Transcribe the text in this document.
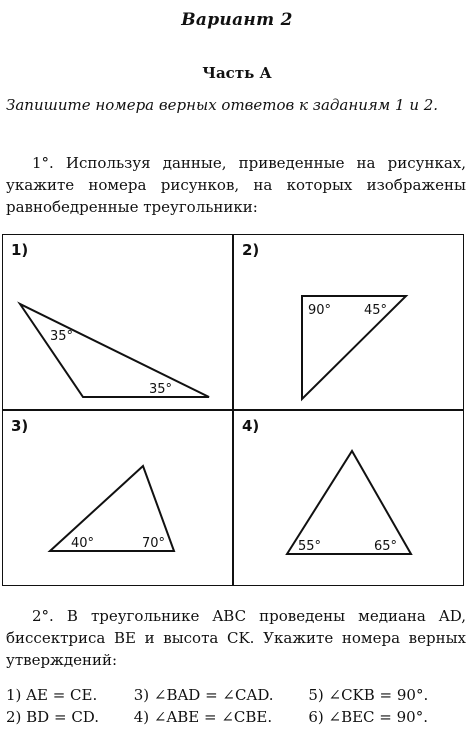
Вариант 2
Часть А
Запишите номера верных ответов к заданиям 1 и 2.
1°. Используя данные, приведенные на рисунках, укажите номера рисунков, на которых изображены равнобедренные треугольники:
1)
35°
35°
2)
90°	45°
3)
40°	70°
4)
55°	65°
2°. В треугольнике ABC проведены медиана AD, биссектриса BE и высота CK. Укажите номера верных утверждений:
1) AE = CE.	3) ∠BAD = ∠CAD.	5) ∠CKB = 90°.
2) BD = CD.	4) ∠ABE = ∠CBE.	6) ∠BEC = 90°.
